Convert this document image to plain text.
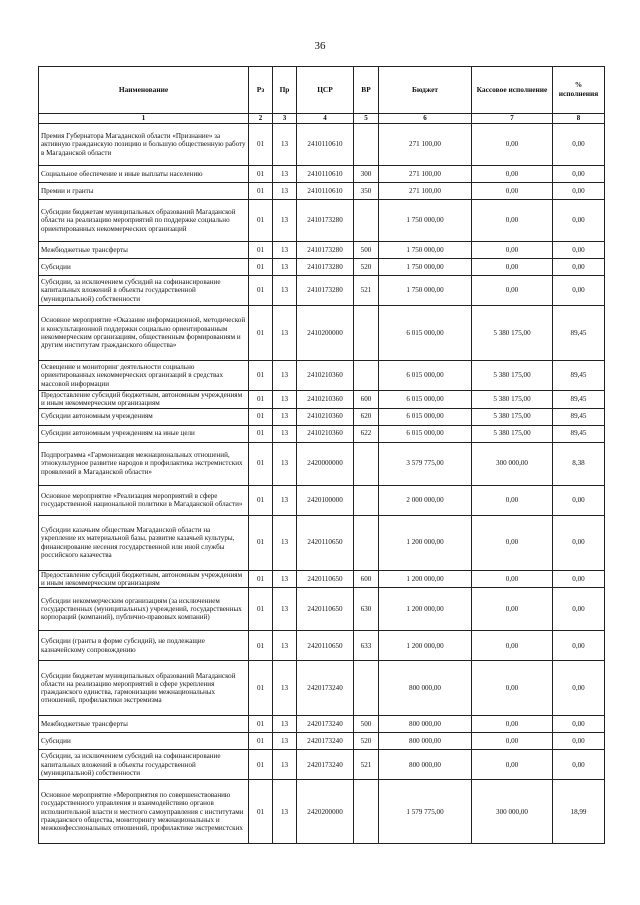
36
Наименование	Рз	Пр	ЦСР	ВР	Бюджет	Кассовое исполнение	% исполнения
1	2	3	4	5	6	7	8
Премия Губернатора Магаданской области «Признание» за активную гражданскую позицию и большую общественную работу в Магаданской области	01	13	2410110610		271 100,00	0,00	0,00
Социальное обеспечение и иные выплаты населению	01	13	2410110610	300	271 100,00	0,00	0,00
Премии и гранты	01	13	2410110610	350	271 100,00	0,00	0,00
Субсидии бюджетам муниципальных образований Магаданской области на реализацию мероприятий по поддержке социально ориентированных некоммерческих организаций	01	13	2410173280		1 750 000,00	0,00	0,00
Межбюджетные трансферты	01	13	2410173280	500	1 750 000,00	0,00	0,00
Субсидии	01	13	2410173280	520	1 750 000,00	0,00	0,00
Субсидии, за исключением субсидий на софинансирование капитальных вложений в объекты государственной (муниципальной) собственности	01	13	2410173280	521	1 750 000,00	0,00	0,00
Основное мероприятие «Оказание информационной, методической и консультационной поддержки социально ориентированным некоммерческим организациям, общественным формированиям и другим институтам гражданского общества»	01	13	2410200000		6 015 000,00	5 380 175,00	89,45
Освещение и мониторинг деятельности социально ориентированных некоммерческих организаций в средствах массовой информации	01	13	2410210360		6 015 000,00	5 380 175,00	89,45
Предоставление субсидий бюджетным, автономным учреждениям и иным некоммерческим организациям	01	13	2410210360	600	6 015 000,00	5 380 175,00	89,45
Субсидии автономным учреждениям	01	13	2410210360	620	6 015 000,00	5 380 175,00	89,45
Субсидии автономным учреждениям на иные цели	01	13	2410210360	622	6 015 000,00	5 380 175,00	89,45
Подпрограмма «Гармонизация межнациональных отношений, этнокультурное развитие народов и профилактика экстремистских проявлений в Магаданской области»	01	13	2420000000		3 579 775,00	300 000,00	8,38
Основное мероприятие «Реализация мероприятий в сфере государственной национальной политики в Магаданской области»	01	13	2420100000		2 000 000,00	0,00	0,00
Субсидии казачьим обществам Магаданской области на укрепление их материальной базы, развитие казачьей культуры, финансирование несения государственной или иной службы российского казачества	01	13	2420110650		1 200 000,00	0,00	0,00
Предоставление субсидий бюджетным, автономным учреждениям и иным некоммерческим организациям	01	13	2420110650	600	1 200 000,00	0,00	0,00
Субсидии некоммерческим организациям (за исключением государственных (муниципальных) учреждений, государственных корпораций (компаний), публично-правовых компаний)	01	13	2420110650	630	1 200 000,00	0,00	0,00
Субсидии (гранты в форме субсидий), не подлежащие казначейскому сопровождению	01	13	2420110650	633	1 200 000,00	0,00	0,00
Субсидии бюджетам муниципальных образований Магаданской области на реализацию мероприятий в сфере укрепления гражданского единства, гармонизации межнациональных отношений, профилактики экстремизма	01	13	2420173240		800 000,00	0,00	0,00
Межбюджетные трансферты	01	13	2420173240	500	800 000,00	0,00	0,00
Субсидии	01	13	2420173240	520	800 000,00	0,00	0,00
Субсидии, за исключением субсидий на софинансирование капитальных вложений в объекты государственной (муниципальной) собственности	01	13	2420173240	521	800 000,00	0,00	0,00
Основное мероприятие «Мероприятия по совершенствованию государственного управления и взаимодействию органов исполнительной власти и местного самоуправления с институтами гражданского общества, мониторингу межнациональных и межконфессиональных отношений, профилактике экстремистских	01	13	2420200000		1 579 775,00	300 000,00	18,99
